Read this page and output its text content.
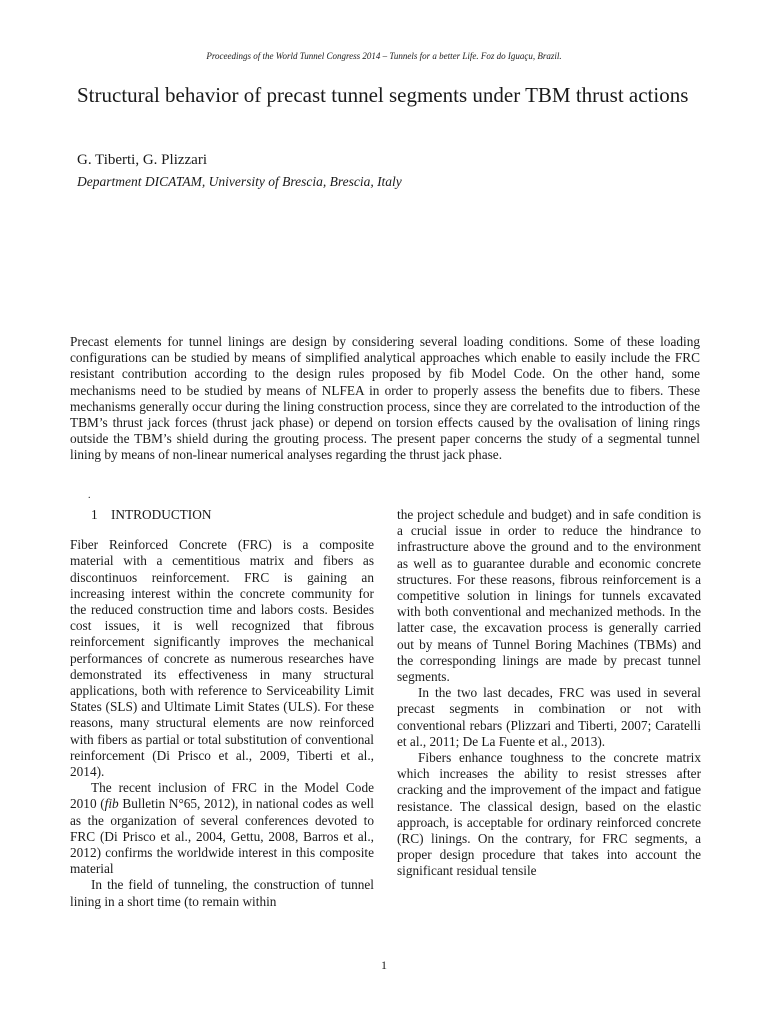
Proceedings of the World Tunnel Congress 2014 – Tunnels for a better Life. Foz do Iguaçu, Brazil.
Structural behavior of precast tunnel segments under TBM thrust actions
G. Tiberti, G. Plizzari
Department DICATAM, University of Brescia, Brescia, Italy
Precast elements for tunnel linings are design by considering several loading conditions. Some of these loading configurations can be studied by means of simplified analytical approaches which enable to easily include the FRC resistant contribution according to the design rules proposed by fib Model Code. On the other hand, some mechanisms need to be studied by means of NLFEA in order to properly assess the benefits due to fibers. These mechanisms generally occur during the lining construction process, since they are correlated to the introduction of the TBM’s thrust jack forces (thrust jack phase) or depend on torsion effects caused by the ovalisation of lining rings outside the TBM’s shield during the grouting process. The present paper concerns the study of a segmental tunnel lining by means of non-linear numerical analyses regarding the thrust jack phase.
.
1 INTRODUCTION

Fiber Reinforced Concrete (FRC) is a composite material with a cementitious matrix and fibers as discontinuos reinforcement. FRC is gaining an increasing interest within the concrete community for the reduced construction time and labors costs. Besides cost issues, it is well recognized that fibrous reinforcement significantly improves the mechanical performances of concrete as numerous researches have demonstrated its effectiveness in many structural applications, both with reference to Serviceability Limit States (SLS) and Ultimate Limit States (ULS). For these reasons, many structural elements are now reinforced with fibers as partial or total substitution of conventional reinforcement (Di Prisco et al., 2009, Tiberti et al., 2014).

The recent inclusion of FRC in the Model Code 2010 (fib Bulletin N°65, 2012), in national codes as well as the organization of several conferences devoted to FRC (Di Prisco et al., 2004, Gettu, 2008, Barros et al., 2012) confirms the worldwide interest in this composite material

In the field of tunneling, the construction of tunnel lining in a short time (to remain within

the project schedule and budget) and in safe condition is a crucial issue in order to reduce the hindrance to infrastructure above the ground and to the environment as well as to guarantee durable and economic concrete structures. For these reasons, fibrous reinforcement is a competitive solution in linings for tunnels excavated with both conventional and mechanized methods. In the latter case, the excavation process is generally carried out by means of Tunnel Boring Machines (TBMs) and the corresponding linings are made by precast tunnel segments.

In the two last decades, FRC was used in several precast segments in combination or not with conventional rebars (Plizzari and Tiberti, 2007; Caratelli et al., 2011; De La Fuente et al., 2013).

Fibers enhance toughness to the concrete matrix which increases the ability to resist stresses after cracking and the improvement of the impact and fatigue resistance. The classical design, based on the elastic approach, is acceptable for ordinary reinforced concrete (RC) linings. On the contrary, for FRC segments, a proper design procedure that takes into account the significant residual tensile

1
